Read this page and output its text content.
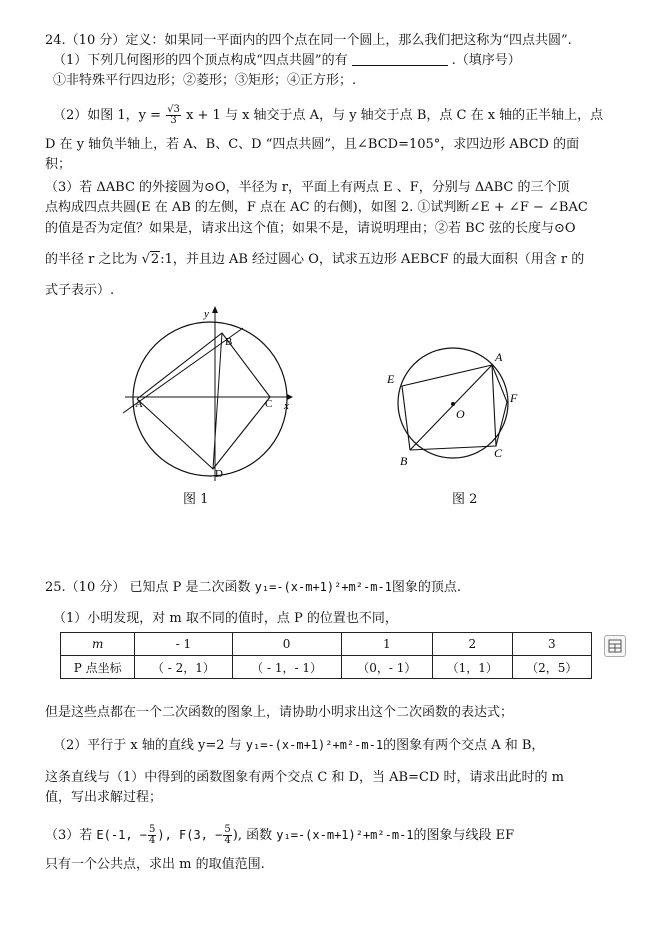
24.（10 分）定义：如果同一平面内的四个点在同一个圆上，那么我们把这称为“四点共圆”.
（1）下列几何图形的四个顶点构成“四点共圆”的有	.（填序号）
①非特殊平行四边形；②菱形；③矩形；④正方形；.
（2）如图 1，$y = \frac{√3}{3}$ x + 1 与 x 轴交于点 A，与 y 轴交于点 B，点 C 在 x 轴的正半轴上，点
D 在 y 轴负半轴上，若 A、B、C、D “四点共圆”，且∠BCD=105°，求四边形 ABCD 的面
积；
（3）若 ΔABC 的外接圆为⊙O，半径为 r，平面上有两点 E 、F，分别与 ΔABC 的三个顶
点构成四点共圆(E 在 AB 的左侧，F 点在 AC 的右侧)，如图 2. ①试判断∠E + ∠F − ∠BAC
的值是否为定值？如果是，请求出这个值；如果不是，请说明理由；②若 BC 弦的长度与⊙O
的半径 r 之比为 √2:1，并且边 AB 经过圆心 O，试求五边形 AEBCF 的最大面积（用含 r 的
式子表示）.
y
x
A
B
C
D
图 1
A
B
C
E
F
O
图 2
25.（10 分） 已知点 P 是二次函数 y₁=-(x-m+1)²+m²-m-1图象的顶点.
（1）小明发现，对 m 取不同的值时，点 P 的位置也不同，
m	- 1	0	1	2	3
P 点坐标	（ - 2，1）	（ - 1，- 1）	（0，- 1）	（1，1）	（2，5）
但是这些点都在一个二次函数的图象上，请协助小明求出这个二次函数的表达式；
（2）平行于 x 轴的直线 y=2 与 y₁=-(x-m+1)²+m²-m-1的图象有两个交点 A 和 B，
这条直线与（1）中得到的函数图象有两个交点 C 和 D，当 AB=CD 时，请求出此时的 m
值，写出求解过程；
（3）若 E(-1, − $\frac{5}{4}$ ), F(3, − $\frac{5}{4}$ ), 函数 y₁=-(x-m+1)²+m²-m-1的图象与线段 EF
只有一个公共点，求出 m 的取值范围.
